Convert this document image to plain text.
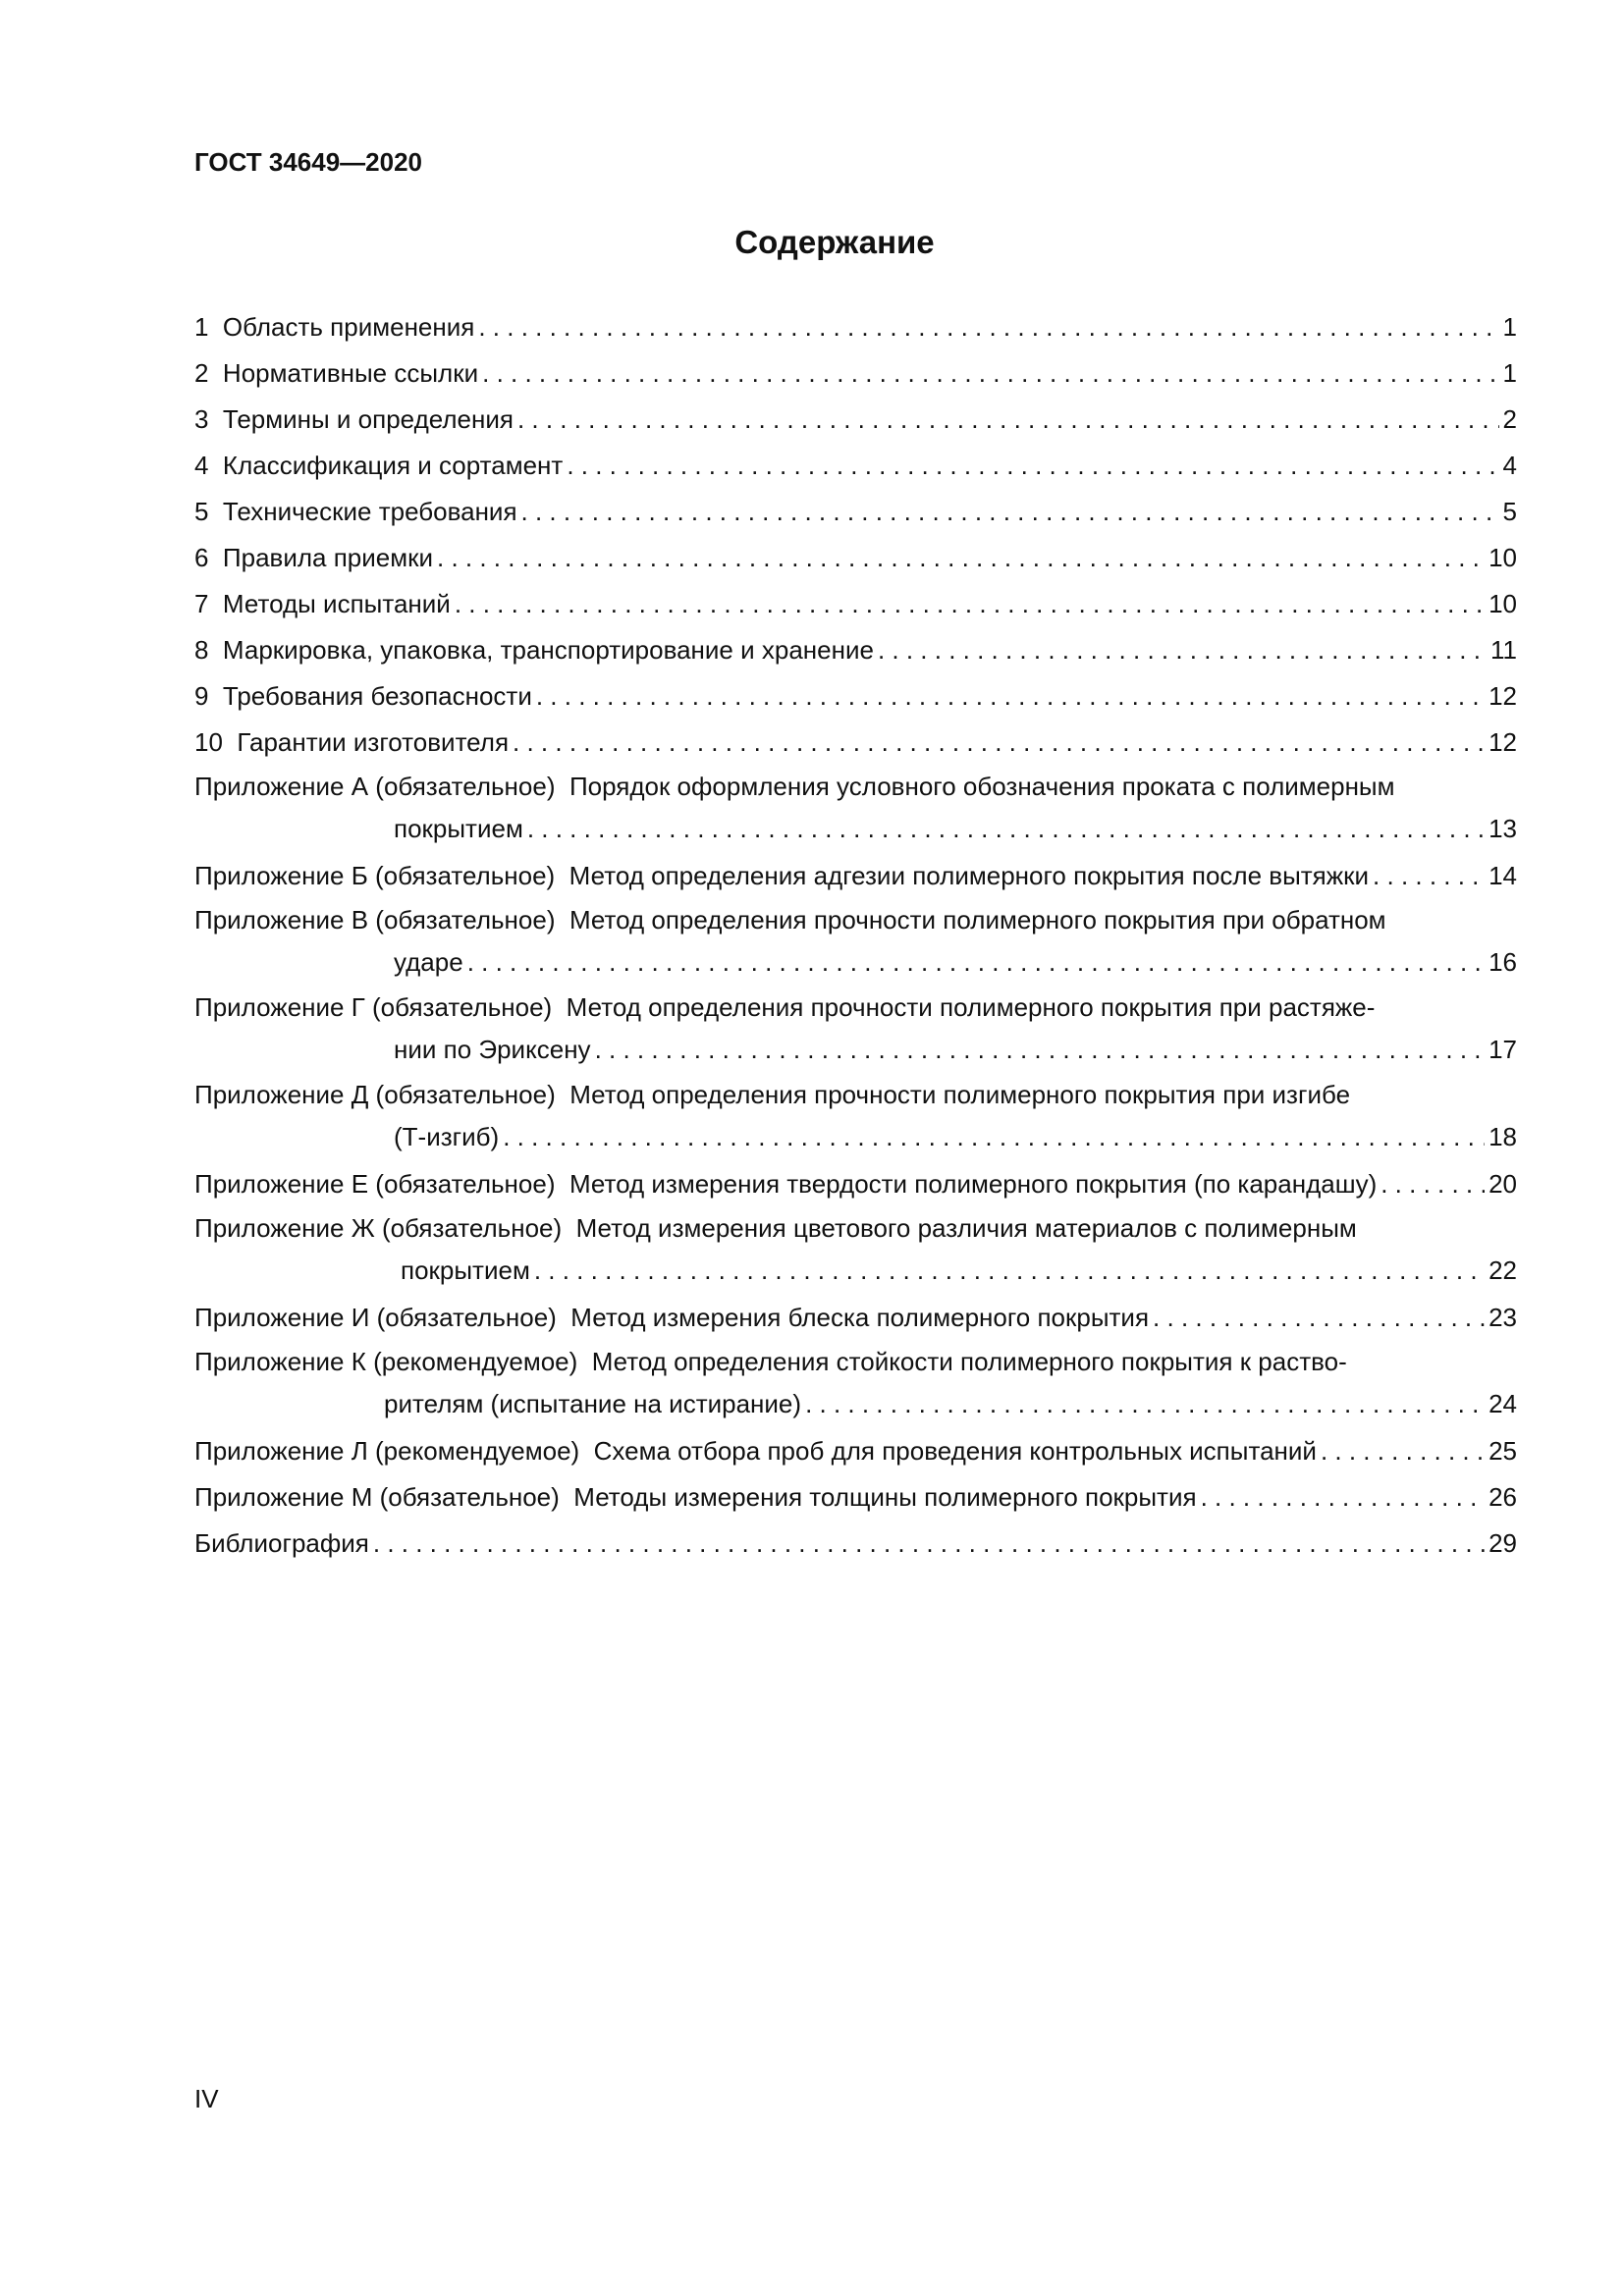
ГОСТ 34649—2020
Содержание
1 Область применения . . .	1
2 Нормативные ссылки . . .	1
3 Термины и определения . . .	2
4 Классификация и сортамент . . .	4
5 Технические требования . . .	5
6 Правила приемки . . .	10
7 Методы испытаний . . .	10
8 Маркировка, упаковка, транспортирование и хранение . . .	11
9 Требования безопасности . . .	12
10 Гарантии изготовителя . . .	12
Приложение А (обязательное) Порядок оформления условного обозначения проката с полимерным
покрытием . . .	13
Приложение Б (обязательное) Метод определения адгезии полимерного покрытия после вытяжки . . .	14
Приложение В (обязательное) Метод определения прочности полимерного покрытия при обратном
ударе . . .	16
Приложение Г (обязательное) Метод определения прочности полимерного покрытия при растяже-
нии по Эриксену . . .	17
Приложение Д (обязательное) Метод определения прочности полимерного покрытия при изгибе
(Т-изгиб) . . .	18
Приложение Е (обязательное) Метод измерения твердости полимерного покрытия (по карандашу) . . .	20
Приложение Ж (обязательное) Метод измерения цветового различия материалов с полимерным
покрытием . . .	22
Приложение И (обязательное) Метод измерения блеска полимерного покрытия . . .	23
Приложение К (рекомендуемое) Метод определения стойкости полимерного покрытия к раство-
рителям (испытание на истирание) . . .	24
Приложение Л (рекомендуемое) Схема отбора проб для проведения контрольных испытаний . . .	25
Приложение М (обязательное) Методы измерения толщины полимерного покрытия . . .	26
Библиография . . .	29
IV
